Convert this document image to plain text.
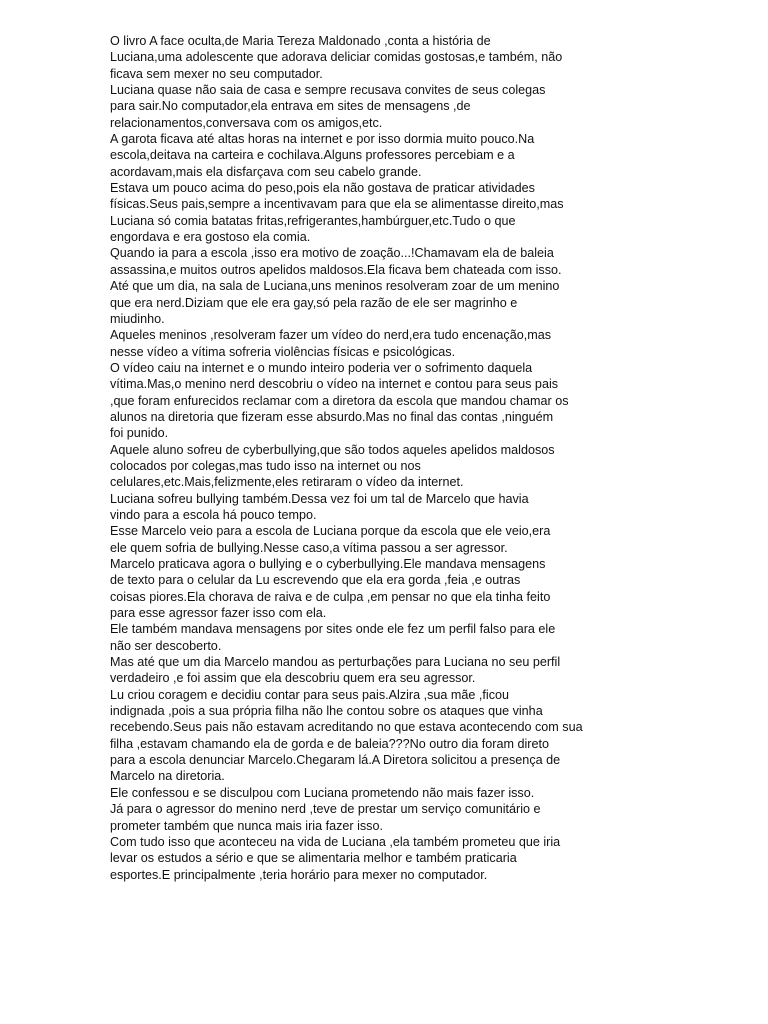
O livro A face oculta,de Maria Tereza Maldonado ,conta a história de
Luciana,uma adolescente que adorava deliciar comidas gostosas,e também, não
ficava sem mexer no seu computador.
Luciana quase não saia de casa e sempre recusava convites de seus colegas
para sair.No computador,ela entrava em sites de mensagens ,de
relacionamentos,conversava com os amigos,etc.
A garota ficava até altas horas na internet e por isso dormia muito pouco.Na
escola,deitava na carteira e cochilava.Alguns professores percebiam e a
acordavam,mais ela disfarçava com seu cabelo grande.
Estava um pouco acima do peso,pois ela não gostava de praticar atividades
físicas.Seus pais,sempre a incentivavam para que ela se alimentasse direito,mas
Luciana só comia batatas fritas,refrigerantes,hambúrguer,etc.Tudo o que
engordava e era gostoso ela comia.
Quando ia para a escola ,isso era motivo de zoação...!Chamavam ela de baleia
assassina,e muitos outros apelidos maldosos.Ela ficava bem chateada com isso.
Até que um dia, na sala de Luciana,uns meninos resolveram zoar de um menino
que era nerd.Diziam que ele era gay,só pela razão de ele ser magrinho e
miudinho.
Aqueles meninos ,resolveram fazer um vídeo do nerd,era tudo encenação,mas
nesse vídeo a vítima sofreria violências físicas e psicológicas.
O vídeo caiu na internet e o mundo inteiro poderia ver o sofrimento daquela
vítima.Mas,o menino nerd descobriu o vídeo na internet e contou para seus pais
,que foram enfurecidos reclamar com a diretora da escola que mandou chamar os
alunos na diretoria que fizeram esse absurdo.Mas no final das contas ,ninguém
foi punido.
Aquele aluno sofreu de cyberbullying,que são todos aqueles apelidos maldosos
colocados por colegas,mas tudo isso na internet ou nos
celulares,etc.Mais,felizmente,eles retiraram o vídeo da internet.
Luciana sofreu bullying também.Dessa vez foi um tal de Marcelo que havia
vindo para a escola há pouco tempo.
Esse Marcelo veio para a escola de Luciana porque da escola que ele veio,era
ele quem sofria de bullying.Nesse caso,a vítima passou a ser agressor.
Marcelo praticava agora o bullying e o cyberbullying.Ele mandava mensagens
de texto para o celular da Lu escrevendo que ela era gorda ,feia ,e outras
coisas piores.Ela chorava de raiva e de culpa ,em pensar no que ela tinha feito
para esse agressor fazer isso com ela.
Ele também mandava mensagens por sites onde ele fez um perfil falso para ele
não ser descoberto.
Mas até que um dia Marcelo mandou as perturbações para Luciana no seu perfil
verdadeiro ,e foi assim que ela descobriu quem era seu agressor.
Lu criou coragem e decidiu contar para seus pais.Alzira ,sua mãe ,ficou
indignada ,pois a sua própria filha não lhe contou sobre os ataques que vinha
recebendo.Seus pais não estavam acreditando no que estava acontecendo com sua
filha ,estavam chamando ela de gorda e de baleia???No outro dia foram direto
para a escola denunciar Marcelo.Chegaram lá.A Diretora solicitou a presença de
Marcelo na diretoria.
Ele confessou e se disculpou com Luciana prometendo não mais fazer isso.
Já para o agressor do menino nerd ,teve de prestar um serviço comunitário e
prometer também que nunca mais iria fazer isso.
Com tudo isso que aconteceu na vida de Luciana ,ela também prometeu que iria
levar os estudos a sério e que se alimentaria melhor e também praticaria
esportes.E principalmente ,teria horário para mexer no computador.
